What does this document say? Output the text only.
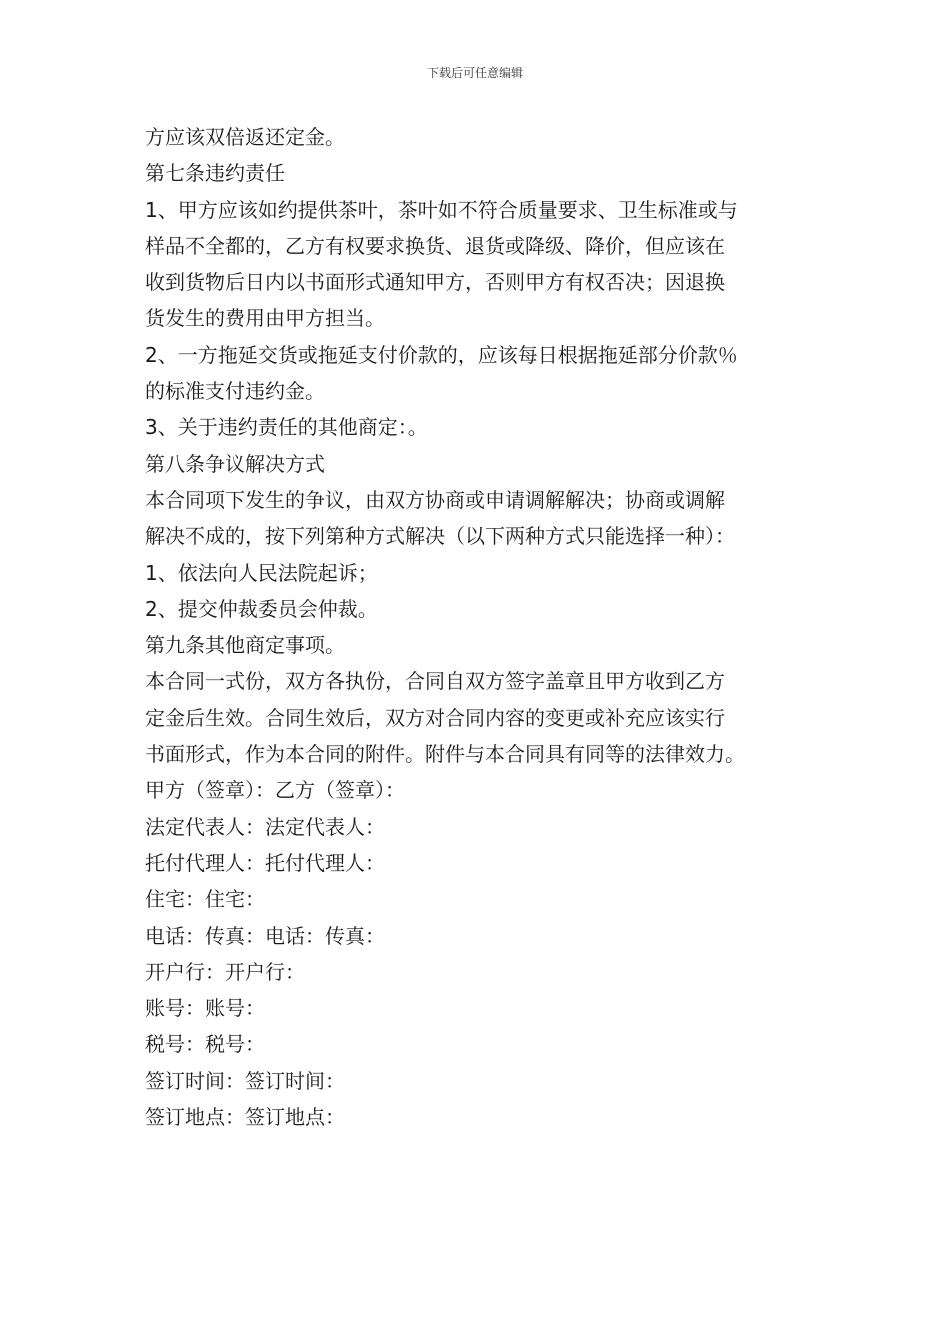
下载后可任意编辑
方应该双倍返还定金。
第七条违约责任
1、甲方应该如约提供茶叶，茶叶如不符合质量要求、卫生标准或与
样品不全都的，乙方有权要求换货、退货或降级、降价，但应该在
收到货物后日内以书面形式通知甲方，否则甲方有权否决；因退换
货发生的费用由甲方担当。
2、一方拖延交货或拖延支付价款的，应该每日根据拖延部分价款％
的标准支付违约金。
3、关于违约责任的其他商定：。
第八条争议解决方式
本合同项下发生的争议，由双方协商或申请调解解决；协商或调解
解决不成的，按下列第种方式解决（以下两种方式只能选择一种）：
1、依法向人民法院起诉；
2、提交仲裁委员会仲裁。
第九条其他商定事项。
本合同一式份，双方各执份，合同自双方签字盖章且甲方收到乙方
定金后生效。合同生效后，双方对合同内容的变更或补充应该实行
书面形式，作为本合同的附件。附件与本合同具有同等的法律效力。
甲方（签章）：乙方（签章）：
法定代表人：法定代表人：
托付代理人：托付代理人：
住宅：住宅：
电话：传真：电话：传真：
开户行：开户行：
账号：账号：
税号：税号：
签订时间：签订时间：
签订地点：签订地点：
